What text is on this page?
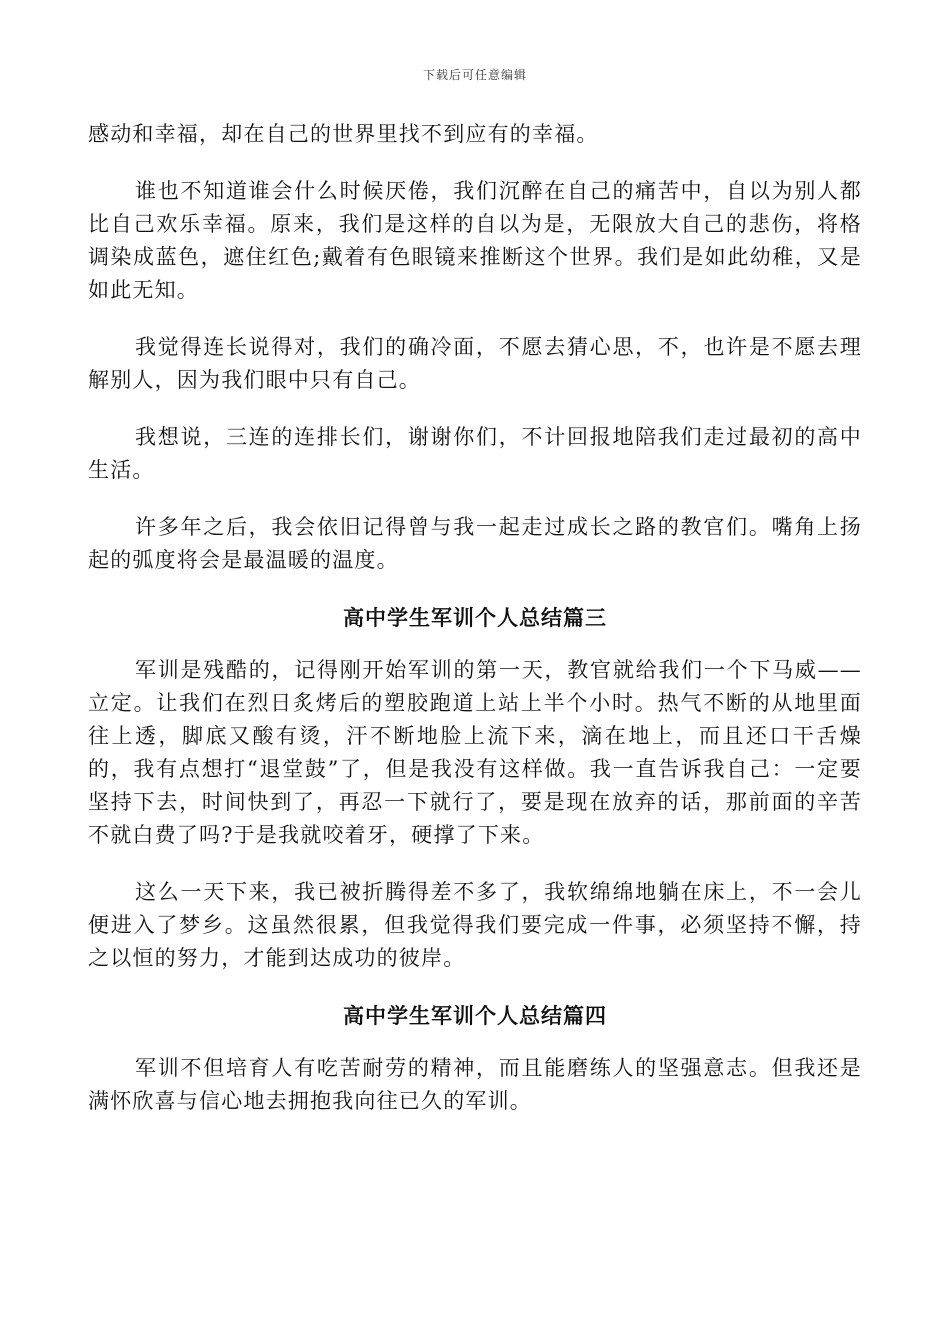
下载后可任意编辑

感动和幸福，却在自己的世界里找不到应有的幸福。

谁也不知道谁会什么时候厌倦，我们沉醉在自己的痛苦中，自以为别人都比自己欢乐幸福。原来，我们是这样的自以为是，无限放大自己的悲伤，将格调染成蓝色，遮住红色;戴着有色眼镜来推断这个世界。我们是如此幼稚，又是如此无知。

我觉得连长说得对，我们的确冷面，不愿去猜心思，不，也许是不愿去理解别人，因为我们眼中只有自己。

我想说，三连的连排长们，谢谢你们，不计回报地陪我们走过最初的高中生活。

许多年之后，我会依旧记得曾与我一起走过成长之路的教官们。嘴角上扬起的弧度将会是最温暖的温度。

高中学生军训个人总结篇三

军训是残酷的，记得刚开始军训的第一天，教官就给我们一个下马威——立定。让我们在烈日炙烤后的塑胶跑道上站上半个小时。热气不断的从地里面往上透，脚底又酸有烫，汗不断地脸上流下来，滴在地上，而且还口干舌燥的，我有点想打“退堂鼓”了，但是我没有这样做。我一直告诉我自己：一定要坚持下去，时间快到了，再忍一下就行了，要是现在放弃的话，那前面的辛苦不就白费了吗?于是我就咬着牙，硬撑了下来。

这么一天下来，我已被折腾得差不多了，我软绵绵地躺在床上，不一会儿便进入了梦乡。这虽然很累，但我觉得我们要完成一件事，必须坚持不懈，持之以恒的努力，才能到达成功的彼岸。

高中学生军训个人总结篇四

军训不但培育人有吃苦耐劳的精神，而且能磨练人的坚强意志。但我还是满怀欣喜与信心地去拥抱我向往已久的军训。
